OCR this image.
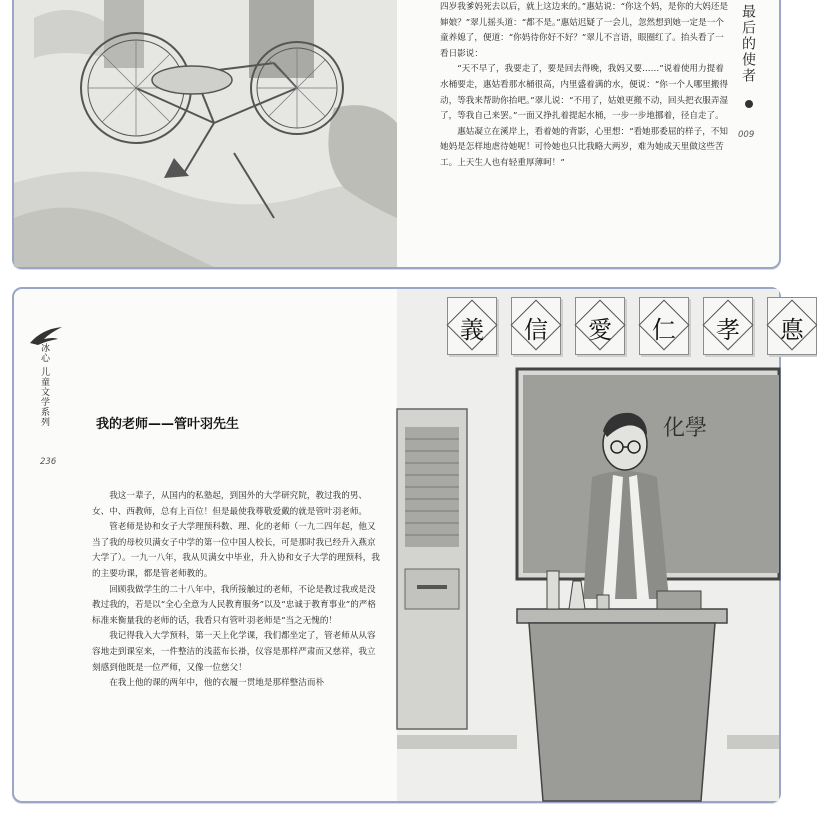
四岁我爹妈死去以后，就上这边来的。”惠姑说：“你这个妈，是你的大妈还是婶娘？”翠儿摇头道：“都不是。”惠姑迟疑了一会儿，忽然想到她一定是一个童养媳了，便道：“你妈待你好不好？”翠儿不言语，眼圈红了。抬头看了一看日影说：

“天不早了，我要走了，要是回去得晚，我妈又要……”说着使用力提着水桶要走，惠姑看那水桶很高，内里盛着满的水，便说：“你一个人哪里搬得动，等我来帮助你抬吧。”翠儿说：“不用了，姑娘更搬不动，回头把衣服弄湿了，等我自己来罢。”一面又挣扎着提起水桶，一步一步地挪着，径自走了。

惠姑凝立在溪岸上，看着她的背影，心里想：“看她那委屈的样子，不知她妈是怎样地虐待她呢！可怜她也只比我略大两岁，难为她成天里做这些苦工。上天生人也有轻重厚薄呵！”

最后的使者
009
冰心 儿童文学系列
236
我的老师——管叶羽先生

我这一辈子，从国内的私塾起，到国外的大学研究院，教过我的男、女、中、西教师，总有上百位！但是最使我尊敬爱戴的就是管叶羽老师。

管老师是协和女子大学理预科数、理、化的老师（一九二四年起，他又当了我的母校贝满女子中学的第一位中国人校长，可是那时我已经升入燕京大学了）。一九一八年，我从贝满女中毕业，升入协和女子大学的理预科，我的主要功课，都是管老师教的。

回顾我做学生的二十八年中，我所接触过的老师，不论是教过我或是没教过我的，若是以“全心全意为人民教育服务”以及“忠诚于教育事业”的严格标准来衡量我的老师的话，我看只有管叶羽老师是“当之无愧的！

我记得我入大学预科，第一天上化学课，我们都坐定了，管老师从从容容地走到课室来，一件整洁的浅蓝布长褂，仪容是那样严肃而又慈祥，我立刻感到他既是一位严师，又像一位慈父！

在我上他的课的两年中，他的衣履一贯地是那样整洁而朴

義	信	愛	仁	孝	悳
化學
